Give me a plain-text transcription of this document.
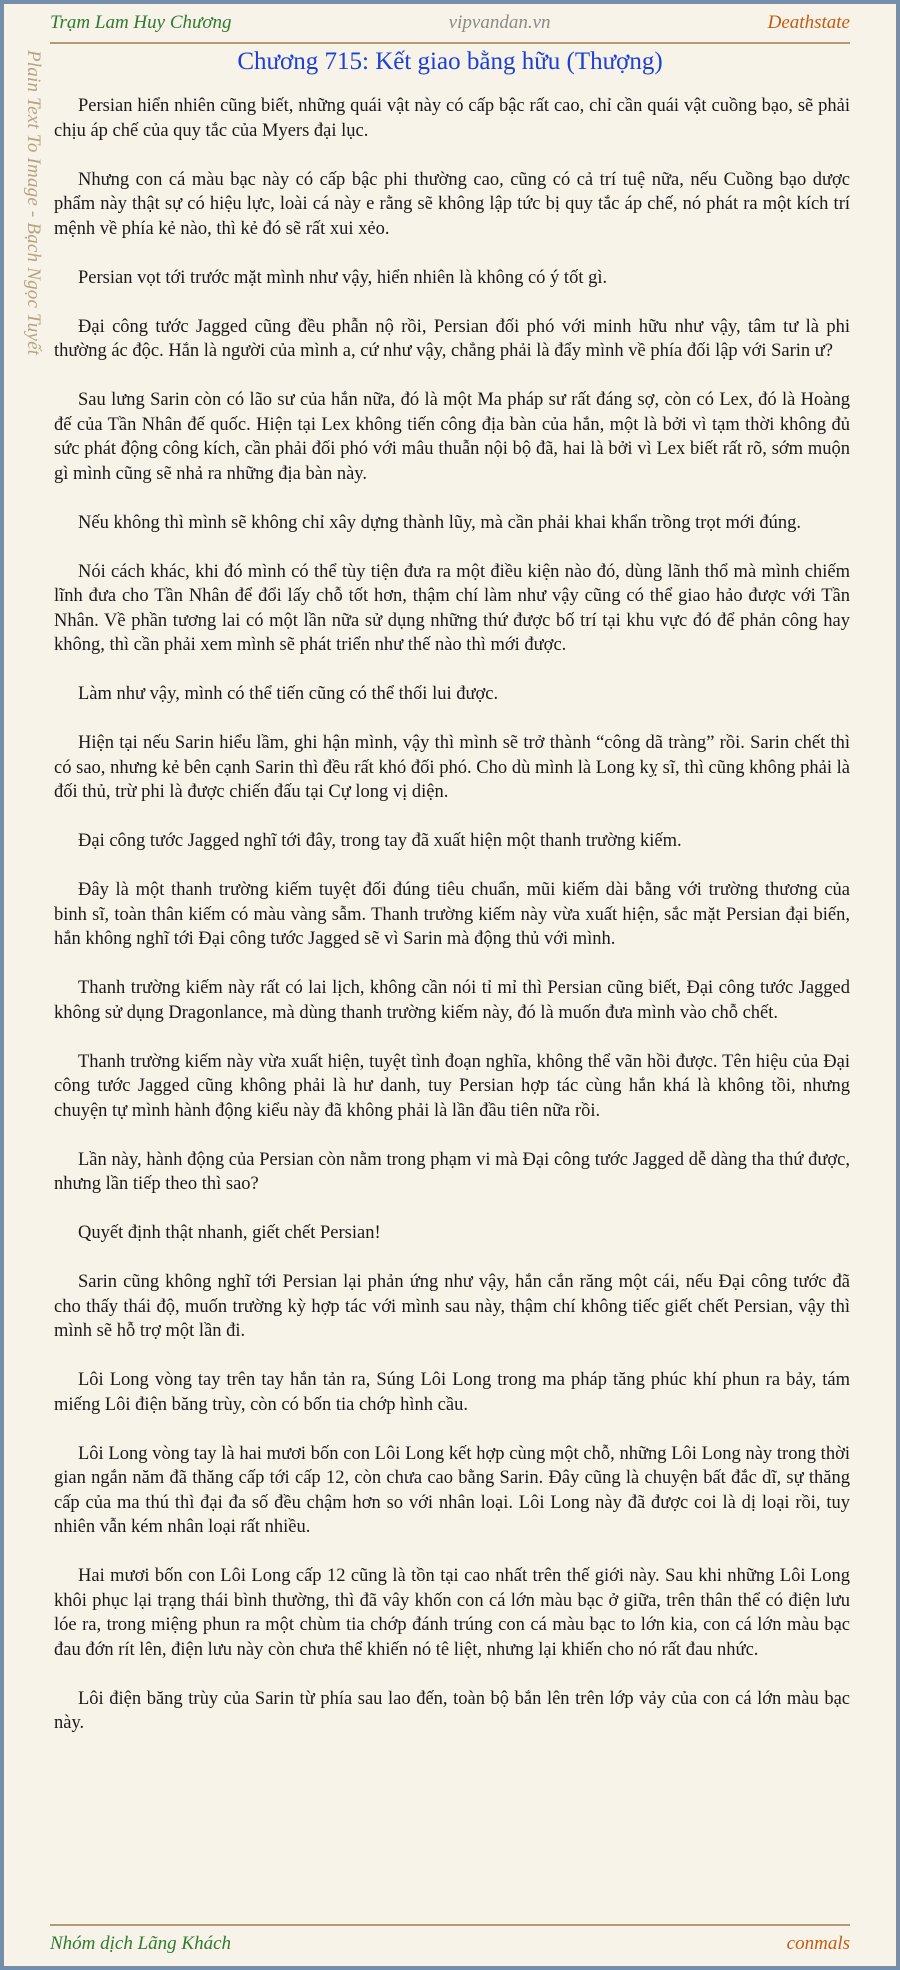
Trạm Lam Huy Chương	vipvandan.vn	Deathstate
Plain Text To Image - Bạch Ngọc Tuyết	Chương 715: Kết giao bằng hữu (Thượng)

Persian hiển nhiên cũng biết, những quái vật này có cấp bậc rất cao, chỉ cần quái vật cuồng bạo, sẽ phải chịu áp chế của quy tắc của Myers đại lục.

Nhưng con cá màu bạc này có cấp bậc phi thường cao, cũng có cả trí tuệ nữa, nếu Cuồng bạo dược phẩm này thật sự có hiệu lực, loài cá này e rằng sẽ không lập tức bị quy tắc áp chế, nó phát ra một kích trí mệnh về phía kẻ nào, thì kẻ đó sẽ rất xui xẻo.

Persian vọt tới trước mặt mình như vậy, hiển nhiên là không có ý tốt gì.

Đại công tước Jagged cũng đều phẫn nộ rồi, Persian đối phó với minh hữu như vậy, tâm tư là phi thường ác độc. Hắn là người của mình a, cứ như vậy, chẳng phải là đẩy mình về phía đối lập với Sarin ư?

Sau lưng Sarin còn có lão sư của hắn nữa, đó là một Ma pháp sư rất đáng sợ, còn có Lex, đó là Hoàng đế của Tần Nhân đế quốc. Hiện tại Lex không tiến công địa bàn của hắn, một là bởi vì tạm thời không đủ sức phát động công kích, cần phải đối phó với mâu thuẫn nội bộ đã, hai là bởi vì Lex biết rất rõ, sớm muộn gì mình cũng sẽ nhả ra những địa bàn này.

Nếu không thì mình sẽ không chỉ xây dựng thành lũy, mà cần phải khai khẩn trồng trọt mới đúng.

Nói cách khác, khi đó mình có thể tùy tiện đưa ra một điều kiện nào đó, dùng lãnh thổ mà mình chiếm lĩnh đưa cho Tần Nhân để đổi lấy chỗ tốt hơn, thậm chí làm như vậy cũng có thể giao hảo được với Tần Nhân. Về phần tương lai có một lần nữa sử dụng những thứ được bố trí tại khu vực đó để phản công hay không, thì cần phải xem mình sẽ phát triển như thế nào thì mới được.

Làm như vậy, mình có thể tiến cũng có thể thối lui được.

Hiện tại nếu Sarin hiểu lầm, ghi hận mình, vậy thì mình sẽ trở thành “công dã tràng” rồi. Sarin chết thì có sao, nhưng kẻ bên cạnh Sarin thì đều rất khó đối phó. Cho dù mình là Long kỵ sĩ, thì cũng không phải là đối thủ, trừ phi là được chiến đấu tại Cự long vị diện.

Đại công tước Jagged nghĩ tới đây, trong tay đã xuất hiện một thanh trường kiếm.

Đây là một thanh trường kiếm tuyệt đối đúng tiêu chuẩn, mũi kiếm dài bằng với trường thương của binh sĩ, toàn thân kiếm có màu vàng sẫm. Thanh trường kiếm này vừa xuất hiện, sắc mặt Persian đại biến, hắn không nghĩ tới Đại công tước Jagged sẽ vì Sarin mà động thủ với mình.

Thanh trường kiếm này rất có lai lịch, không cần nói tỉ mỉ thì Persian cũng biết, Đại công tước Jagged không sử dụng Dragonlance, mà dùng thanh trường kiếm này, đó là muốn đưa mình vào chỗ chết.

Thanh trường kiếm này vừa xuất hiện, tuyệt tình đoạn nghĩa, không thể vãn hồi được. Tên hiệu của Đại công tước Jagged cũng không phải là hư danh, tuy Persian hợp tác cùng hắn khá là không tồi, nhưng chuyện tự mình hành động kiểu này đã không phải là lần đầu tiên nữa rồi.

Lần này, hành động của Persian còn nằm trong phạm vi mà Đại công tước Jagged dễ dàng tha thứ được, nhưng lần tiếp theo thì sao?

Quyết định thật nhanh, giết chết Persian!

Sarin cũng không nghĩ tới Persian lại phản ứng như vậy, hắn cắn răng một cái, nếu Đại công tước đã cho thấy thái độ, muốn trường kỳ hợp tác với mình sau này, thậm chí không tiếc giết chết Persian, vậy thì mình sẽ hỗ trợ một lần đi.

Lôi Long vòng tay trên tay hắn tản ra, Súng Lôi Long trong ma pháp tăng phúc khí phun ra bảy, tám miếng Lôi điện băng trùy, còn có bốn tia chớp hình cầu.

Lôi Long vòng tay là hai mươi bốn con Lôi Long kết hợp cùng một chỗ, những Lôi Long này trong thời gian ngắn năm đã thăng cấp tới cấp 12, còn chưa cao bằng Sarin. Đây cũng là chuyện bất đắc dĩ, sự thăng cấp của ma thú thì đại đa số đều chậm hơn so với nhân loại. Lôi Long này đã được coi là dị loại rồi, tuy nhiên vẫn kém nhân loại rất nhiều.

Hai mươi bốn con Lôi Long cấp 12 cũng là tồn tại cao nhất trên thế giới này. Sau khi những Lôi Long khôi phục lại trạng thái bình thường, thì đã vây khốn con cá lớn màu bạc ở giữa, trên thân thể có điện lưu lóe ra, trong miệng phun ra một chùm tia chớp đánh trúng con cá màu bạc to lớn kia, con cá lớn màu bạc đau đớn rít lên, điện lưu này còn chưa thể khiến nó tê liệt, nhưng lại khiến cho nó rất đau nhức.

Lôi điện băng trùy của Sarin từ phía sau lao đến, toàn bộ bắn lên trên lớp vảy của con cá lớn màu bạc này.

Nhóm dịch Lãng Khách	conmals
